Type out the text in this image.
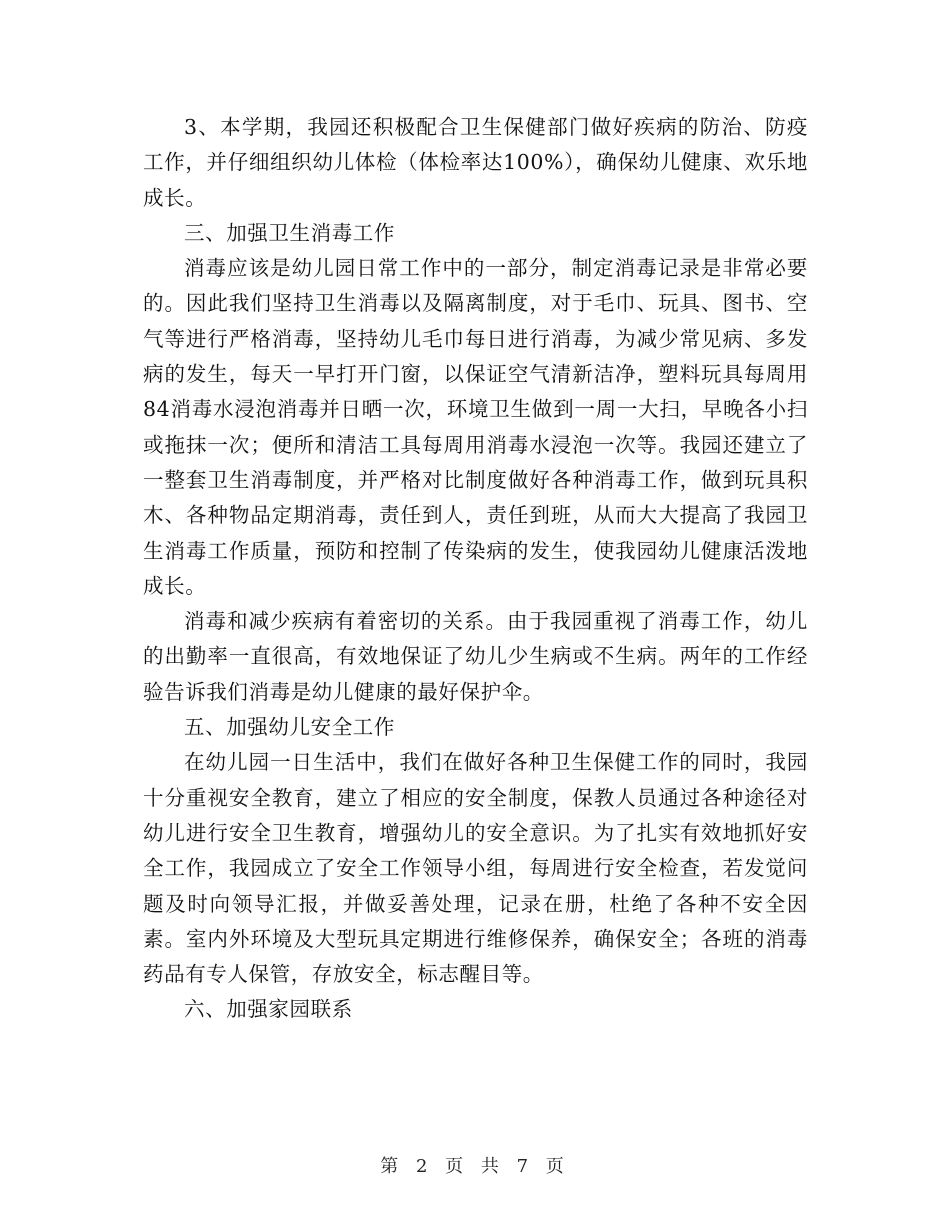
3、本学期，我园还积极配合卫生保健部门做好疾病的防治、防疫工作，并仔细组织幼儿体检（体检率达100%），确保幼儿健康、欢乐地成长。

三、加强卫生消毒工作

消毒应该是幼儿园日常工作中的一部分，制定消毒记录是非常必要的。因此我们坚持卫生消毒以及隔离制度，对于毛巾、玩具、图书、空气等进行严格消毒，坚持幼儿毛巾每日进行消毒，为减少常见病、多发病的发生，每天一早打开门窗，以保证空气清新洁净，塑料玩具每周用84消毒水浸泡消毒并日晒一次，环境卫生做到一周一大扫，早晚各小扫或拖抹一次；便所和清洁工具每周用消毒水浸泡一次等。我园还建立了一整套卫生消毒制度，并严格对比制度做好各种消毒工作，做到玩具积木、各种物品定期消毒，责任到人，责任到班，从而大大提高了我园卫生消毒工作质量，预防和控制了传染病的发生，使我园幼儿健康活泼地成长。

消毒和减少疾病有着密切的关系。由于我园重视了消毒工作，幼儿的出勤率一直很高，有效地保证了幼儿少生病或不生病。两年的工作经验告诉我们消毒是幼儿健康的最好保护伞。

五、加强幼儿安全工作

在幼儿园一日生活中，我们在做好各种卫生保健工作的同时，我园十分重视安全教育，建立了相应的安全制度，保教人员通过各种途径对幼儿进行安全卫生教育，增强幼儿的安全意识。为了扎实有效地抓好安全工作，我园成立了安全工作领导小组，每周进行安全检查，若发觉问题及时向领导汇报，并做妥善处理，记录在册，杜绝了各种不安全因素。室内外环境及大型玩具定期进行维修保养，确保安全；各班的消毒药品有专人保管，存放安全，标志醒目等。

六、加强家园联系

第 2 页 共 7 页
